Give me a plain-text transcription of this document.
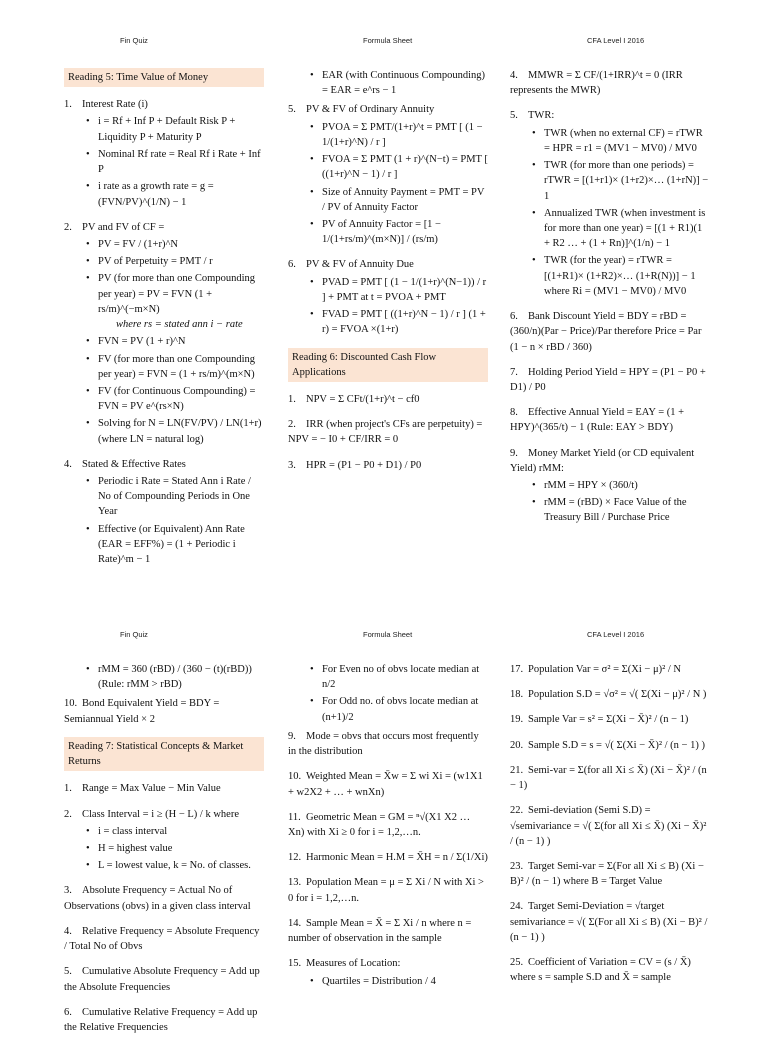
Fin Quiz	Formula Sheet	CFA Level I 2016
Reading 5: Time Value of Money
1. Interest Rate (i)
• i = Rf + Inf P + Default Risk P + Liquidity P + Maturity P
• Nominal Rf rate = Real Rf i Rate + Inf P
• i rate as a growth rate = g = (FVN/PV)^(1/N) − 1
2. PV and FV of CF =
• PV = FV / (1+r)^N
• PV of Perpetuity = PMT / r
• PV (for more than one Compounding per year) = PV = FVN (1 + rs/m)^(−m×N)
where rs = stated ann i − rate
• FVN = PV (1 + r)^N
• FV (for more than one Compounding per year) = FVN = (1 + rs/m)^(m×N)
• FV (for Continuous Compounding) = FVN = PV e^(rs×N)
• Solving for N = LN(FV/PV) / LN(1+r) (where LN = natural log)
4. Stated & Effective Rates
• Periodic i Rate = Stated Ann i Rate / No of Compounding Periods in One Year
• Effective (or Equivalent) Ann Rate (EAR = EFF%) = (1 + Periodic i Rate)^m − 1
• EAR (with Continuous Compounding) = EAR = e^rs − 1
5. PV & FV of Ordinary Annuity
• PVOA = Σ PMT/(1+r)^t = PMT [ (1 − 1/(1+r)^N) / r ]
• FVOA = Σ PMT (1 + r)^(N−t) = PMT [ ((1+r)^N − 1) / r ]
• Size of Annuity Payment = PMT = PV / PV of Annuity Factor
• PV of Annuity Factor = [1 − 1/(1+rs/m)^(m×N)] / (rs/m)
6. PV & FV of Annuity Due
• PVAD = PMT [ (1 − 1/(1+r)^(N−1)) / r ] + PMT at t = PVOA + PMT
• FVAD = PMT [ ((1+r)^N − 1) / r ] (1 + r) = FVOA ×(1+r)
Reading 6: Discounted Cash Flow Applications
1. NPV = Σ CFt/(1+r)^t − cf0
2. IRR (when project's CFs are perpetuity) = NPV = − I0 + CF/IRR = 0
3. HPR = (P1 − P0 + D1) / P0
4. MMWR = Σ CF/(1+IRR)^t = 0 (IRR represents the MWR)
5. TWR:
• TWR (when no external CF) = rTWR = HPR = r1 = (MV1 − MV0) / MV0
• TWR (for more than one periods) = rTWR = [(1+r1)× (1+r2)×… (1+rN)] − 1
• Annualized TWR (when investment is for more than one year) = [(1 + R1)(1 + R2 … + (1 + Rn)]^(1/n) − 1
• TWR (for the year) = rTWR = [(1+R1)× (1+R2)×… (1+R(N))] − 1 where Ri = (MV1 − MV0) / MV0
6. Bank Discount Yield = BDY = rBD = (360/n)(Par − Price)/Par therefore Price = Par (1 − n × rBD / 360)
7. Holding Period Yield = HPY = (P1 − P0 + D1) / P0
8. Effective Annual Yield = EAY = (1 + HPY)^(365/t) − 1 (Rule: EAY > BDY)
9. Money Market Yield (or CD equivalent Yield) rMM:
• rMM = HPY × (360/t)
• rMM = (rBD) × Face Value of the Treasury Bill / Purchase Price
Fin Quiz	Formula Sheet	CFA Level I 2016
• rMM = 360 (rBD) / (360 − (t)(rBD)) (Rule: rMM > rBD)
10. Bond Equivalent Yield = BDY = Semiannual Yield × 2
Reading 7: Statistical Concepts & Market Returns
1. Range = Max Value − Min Value
2. Class Interval = i ≥ (H − L) / k where
• i = class interval
• H = highest value
• L = lowest value, k = No. of classes.
3. Absolute Frequency = Actual No of Observations (obvs) in a given class interval
4. Relative Frequency = Absolute Frequency / Total No of Obvs
5. Cumulative Absolute Frequency = Add up the Absolute Frequencies
6. Cumulative Relative Frequency = Add up the Relative Frequencies
• For Even no of obvs locate median at n/2
• For Odd no. of obvs locate median at (n+1)/2
9. Mode = obvs that occurs most frequently in the distribution
10. Weighted Mean = X̄w = Σ wi Xi = (w1X1 + w2X2 + … + wnXn)
11. Geometric Mean = GM = ⁿ√(X1 X2 … Xn) with Xi ≥ 0 for i = 1,2,…n.
12. Harmonic Mean = H.M = X̄H = n / Σ(1/Xi)
13. Population Mean = μ = Σ Xi / N with Xi > 0 for i = 1,2,…n.
14. Sample Mean = X̄ = Σ Xi / n where n = number of observation in the sample
15. Measures of Location:
• Quartiles = Distribution / 4
17. Population Var = σ² = Σ(Xi − μ)² / N
18. Population S.D = √σ² = √( Σ(Xi − μ)² / N )
19. Sample Var = s² = Σ(Xi − X̄)² / (n − 1)
20. Sample S.D = s = √( Σ(Xi − X̄)² / (n − 1) )
21. Semi-var = Σ(for all Xi ≤ X̄) (Xi − X̄)² / (n − 1)
22. Semi-deviation (Semi S.D) = √semivariance = √( Σ(for all Xi ≤ X̄) (Xi − X̄)² / (n − 1) )
23. Target Semi-var = Σ(For all Xi ≤ B) (Xi − B)² / (n − 1) where B = Target Value
24. Target Semi-Deviation = √target semivariance = √( Σ(For all Xi ≤ B) (Xi − B)² / (n − 1) )
25. Coefficient of Variation = CV = (s / X̄) where s = sample S.D and X̄ = sample
